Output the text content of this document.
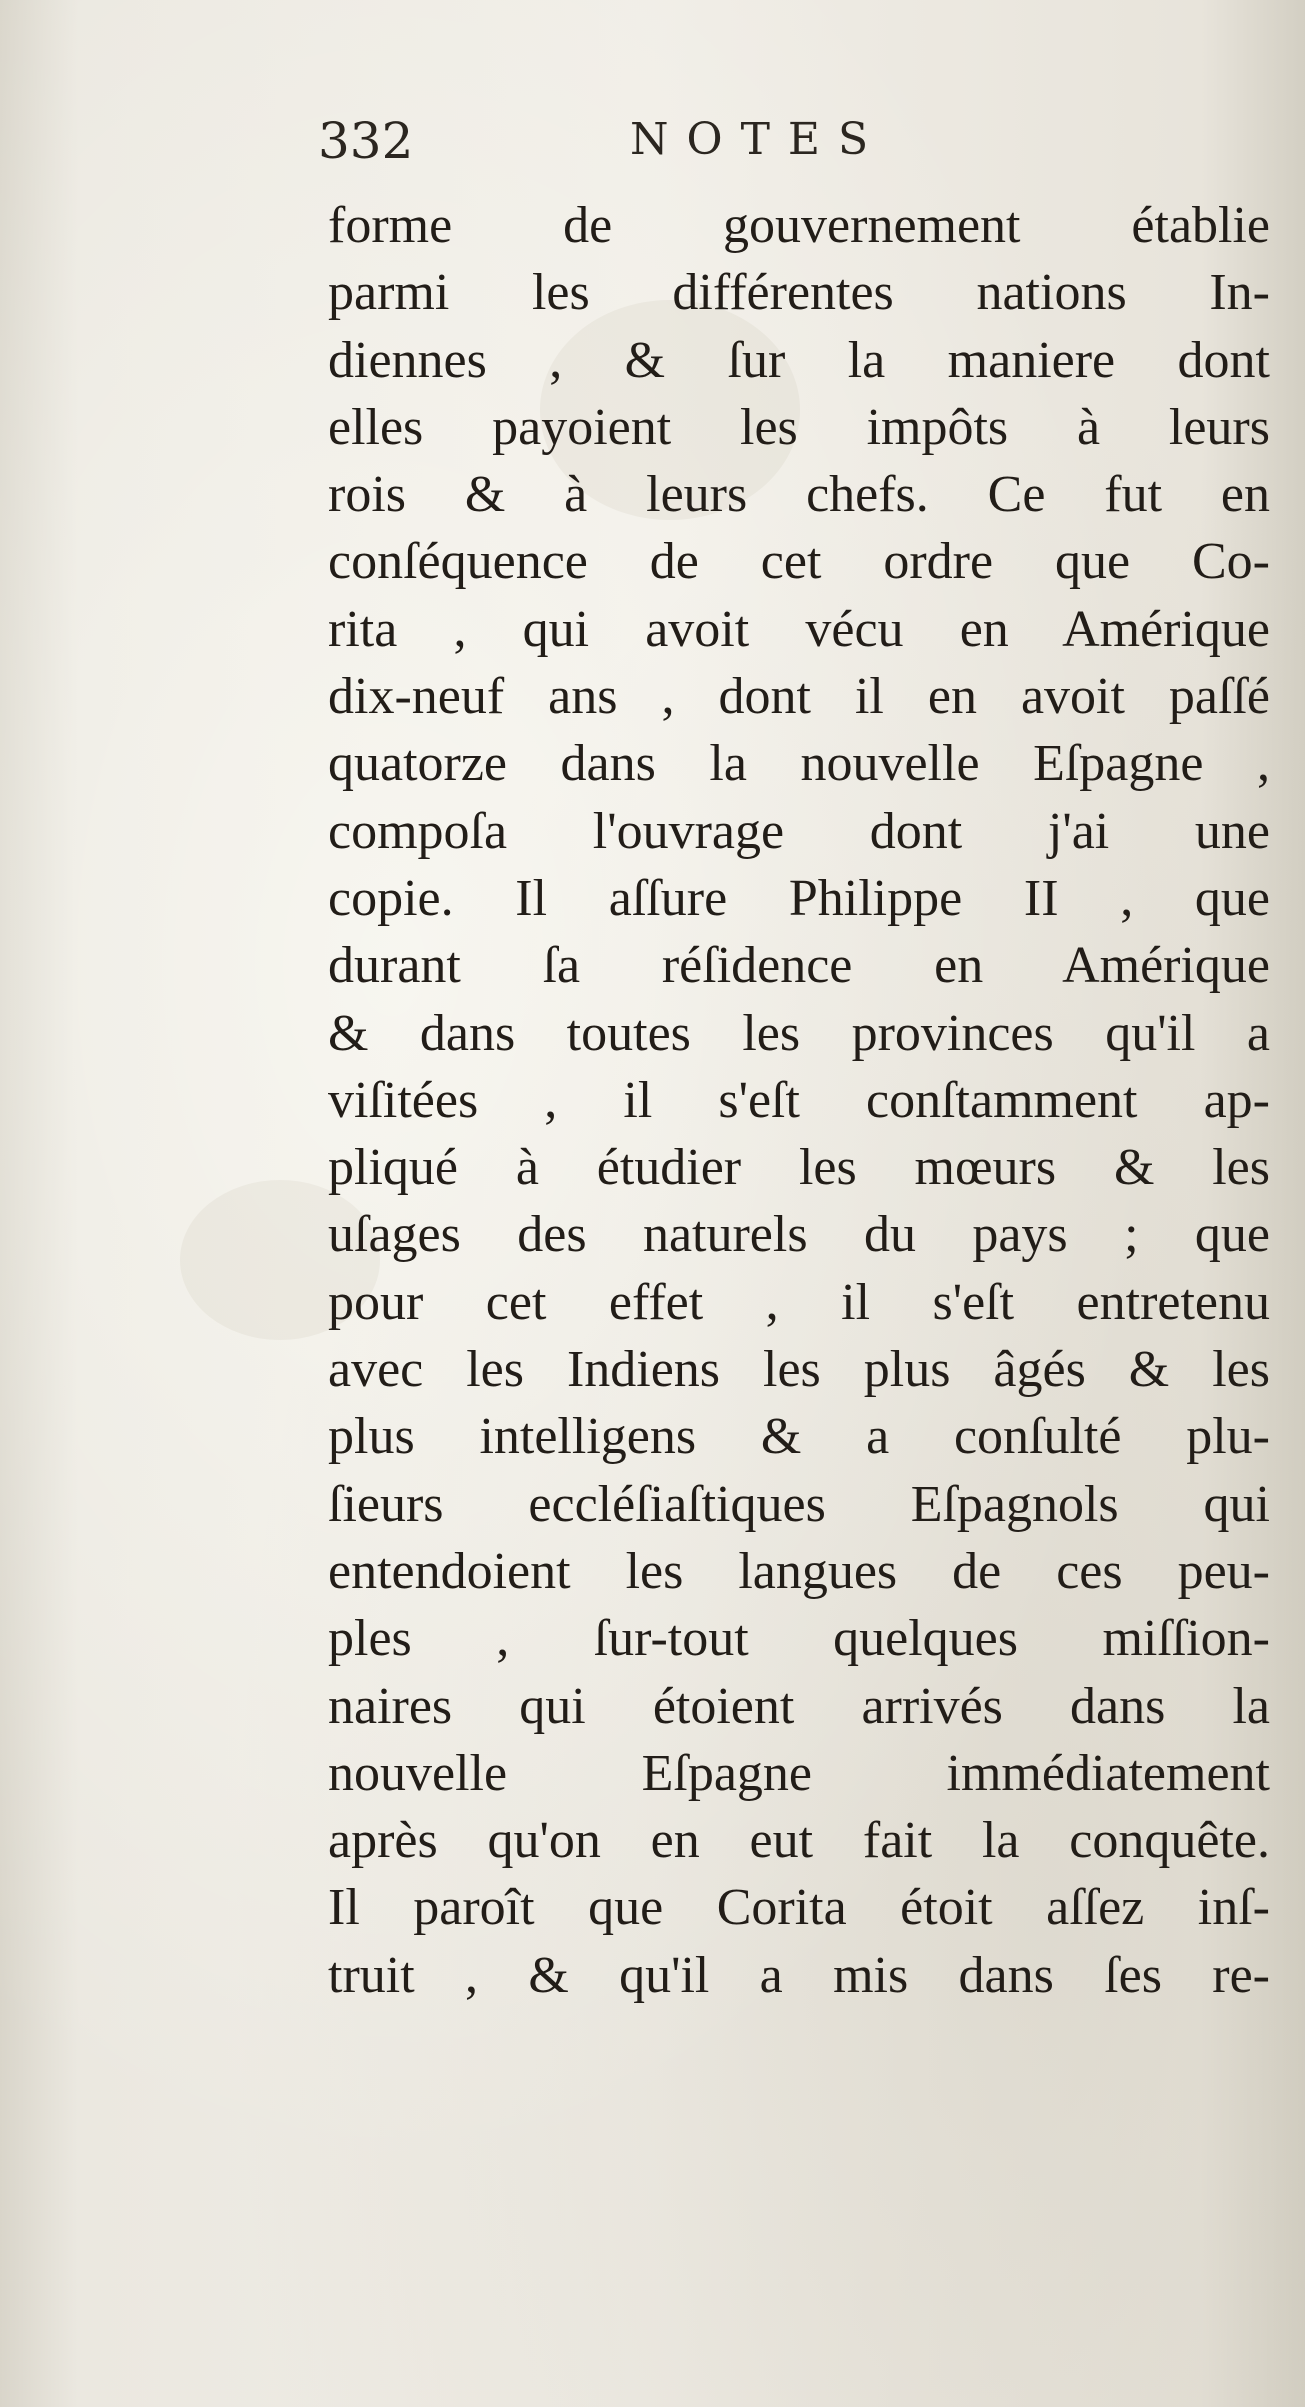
332	NOTES
forme de gouvernement établie
parmi les différentes nations In-
diennes , & ſur la maniere dont
elles payoient les impôts à leurs
rois & à leurs chefs. Ce fut en
conſéquence de cet ordre que Co-
rita , qui avoit vécu en Amérique
dix-neuf ans , dont il en avoit paſſé
quatorze dans la nouvelle Eſpagne ,
compoſa l'ouvrage dont j'ai une
copie. Il aſſure Philippe II , que
durant ſa réſidence en Amérique
& dans toutes les provinces qu'il a
viſitées , il s'eſt conſtamment ap-
pliqué à étudier les mœurs & les
uſages des naturels du pays ; que
pour cet effet , il s'eſt entretenu
avec les Indiens les plus âgés & les
plus intelligens & a conſulté plu-
ſieurs eccléſiaſtiques Eſpagnols qui
entendoient les langues de ces peu-
ples , ſur-tout quelques miſſion-
naires qui étoient arrivés dans la
nouvelle Eſpagne immédiatement
après qu'on en eut fait la conquête.
Il paroît que Corita étoit aſſez inſ-
truit , & qu'il a mis dans ſes re-
